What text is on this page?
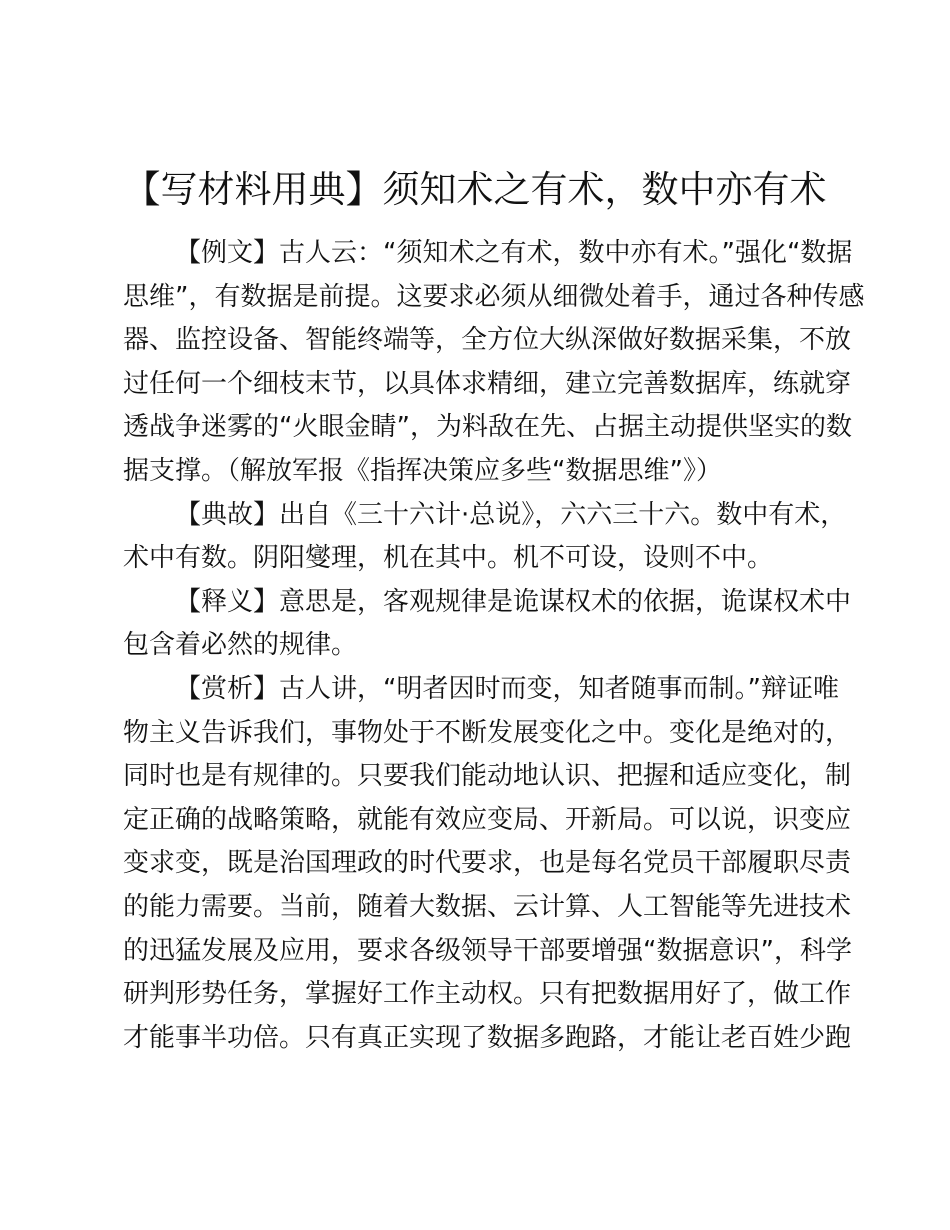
【写材料用典】须知术之有术，数中亦有术

【例文】古人云：“须知术之有术，数中亦有术。”强化“数据
思维”，有数据是前提。这要求必须从细微处着手，通过各种传感
器、监控设备、智能终端等，全方位大纵深做好数据采集，不放
过任何一个细枝末节，以具体求精细，建立完善数据库，练就穿
透战争迷雾的“火眼金睛”，为料敌在先、占据主动提供坚实的数
据支撑。（解放军报《指挥决策应多些“数据思维”》）

【典故】出自《三十六计·总说》，六六三十六。数中有术，
术中有数。阴阳燮理，机在其中。机不可设，设则不中。

【释义】意思是，客观规律是诡谋权术的依据，诡谋权术中
包含着必然的规律。

【赏析】古人讲，“明者因时而变，知者随事而制。”辩证唯
物主义告诉我们，事物处于不断发展变化之中。变化是绝对的，
同时也是有规律的。只要我们能动地认识、把握和适应变化，制
定正确的战略策略，就能有效应变局、开新局。可以说，识变应
变求变，既是治国理政的时代要求，也是每名党员干部履职尽责
的能力需要。当前，随着大数据、云计算、人工智能等先进技术
的迅猛发展及应用，要求各级领导干部要增强“数据意识”，科学
研判形势任务，掌握好工作主动权。只有把数据用好了，做工作
才能事半功倍。只有真正实现了数据多跑路，才能让老百姓少跑
